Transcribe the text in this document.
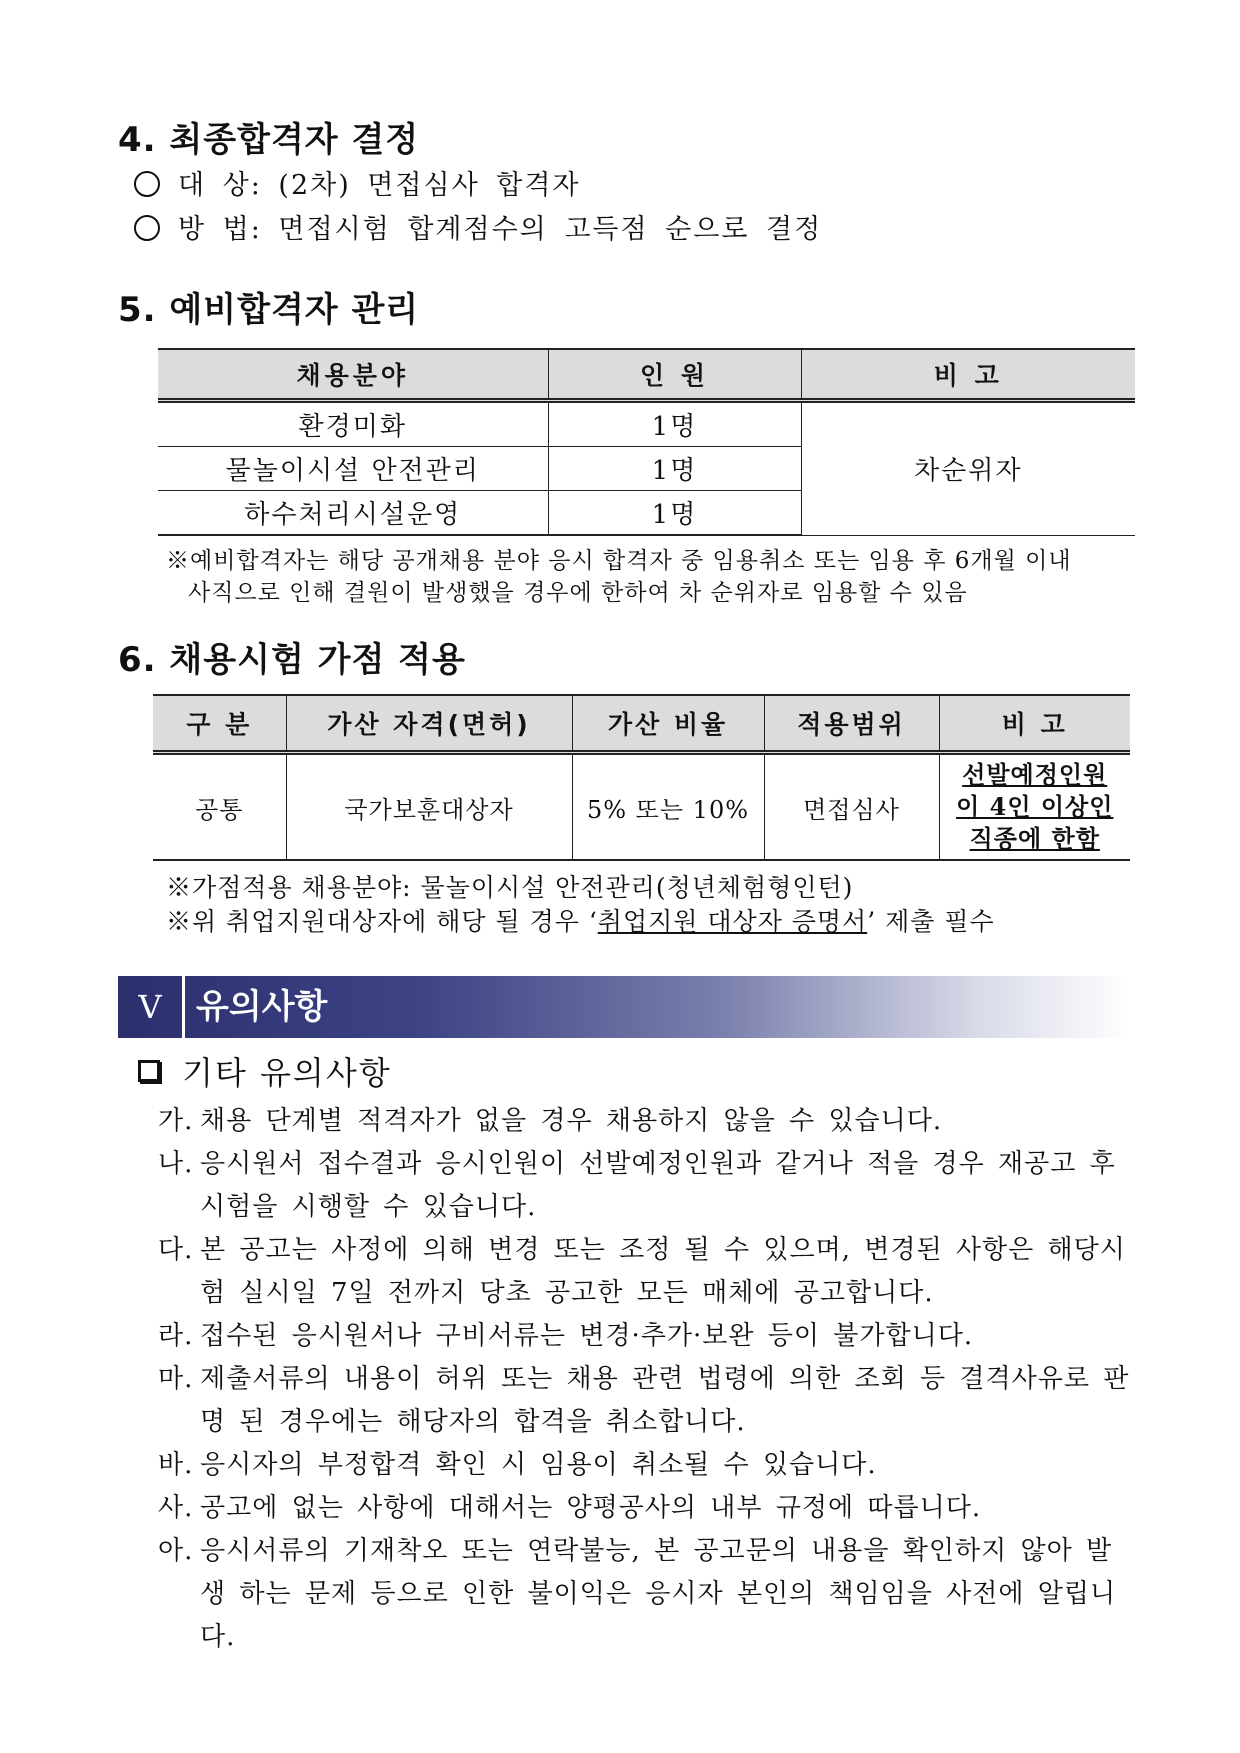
4. 최종합격자 결정
대 상: (2차) 면접심사 합격자
방 법: 면접시험 합계점수의 고득점 순으로 결정
5. 예비합격자 관리
채용분야	인 원	비 고
환경미화	1명	차순위자
물놀이시설 안전관리	1명	
하수처리시설운영	1명	
※예비합격자는 해당 공개채용 분야 응시 합격자 중 임용취소 또는 임용 후 6개월 이내
사직으로 인해 결원이 발생했을 경우에 한하여 차 순위자로 임용할 수 있음
6. 채용시험 가점 적용
구 분	가산 자격(면허)	가산 비율	적용범위	비 고
공통	국가보훈대상자	5% 또는 10%	면접심사	선발예정인원
이 4인 이상인
직종에 한함
※가점적용 채용분야: 물놀이시설 안전관리(청년체험형인턴)
※위 취업지원대상자에 해당 될 경우 ‘취업지원 대상자 증명서’ 제출 필수
Ⅴ	유의사항
기타 유의사항
가. 채용 단계별 적격자가 없을 경우 채용하지 않을 수 있습니다.
나. 응시원서 접수결과 응시인원이 선발예정인원과 같거나 적을 경우 재공고 후 시험을 시행할 수 있습니다.
다. 본 공고는 사정에 의해 변경 또는 조정 될 수 있으며, 변경된 사항은 해당시험 실시일 7일 전까지 당초 공고한 모든 매체에 공고합니다.
라. 접수된 응시원서나 구비서류는 변경·추가·보완 등이 불가합니다.
마. 제출서류의 내용이 허위 또는 채용 관련 법령에 의한 조회 등 결격사유로 판명 된 경우에는 해당자의 합격을 취소합니다.
바. 응시자의 부정합격 확인 시 임용이 취소될 수 있습니다.
사. 공고에 없는 사항에 대해서는 양평공사의 내부 규정에 따릅니다.
아. 응시서류의 기재착오 또는 연락불능, 본 공고문의 내용을 확인하지 않아 발생 하는 문제 등으로 인한 불이익은 응시자 본인의 책임임을 사전에 알립니다.
